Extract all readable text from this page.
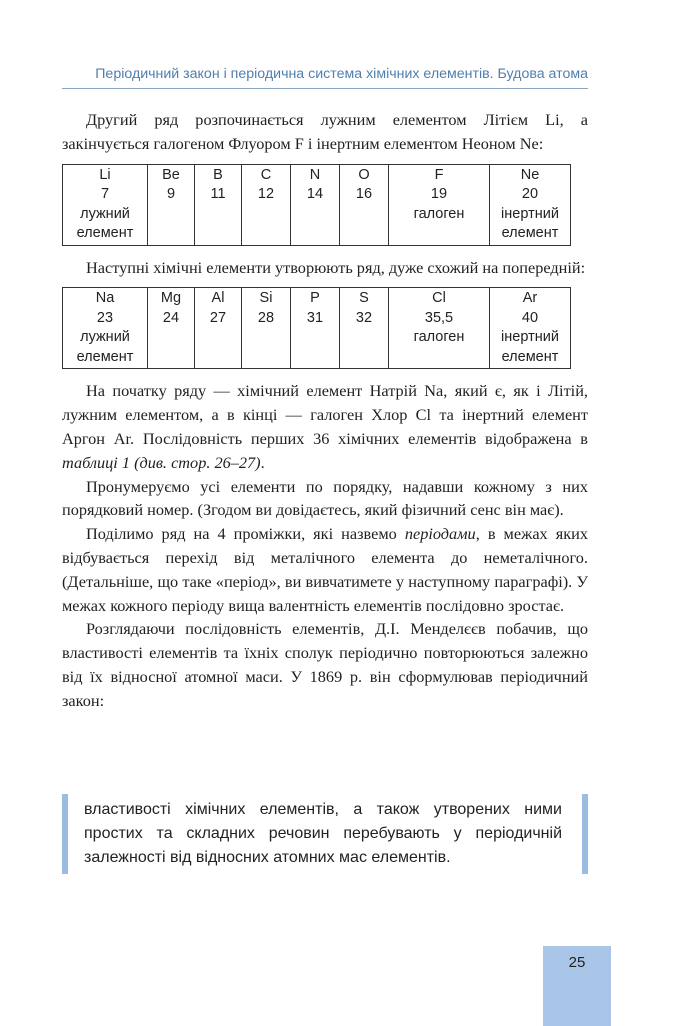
Періодичний закон і періодична система хімічних елементів. Будова атома

Другий ряд розпочинається лужним елементом Літієм Li, а закінчується галогеном Флуором F і інертним елементом Неоном Ne:

Li
7
лужний
елемент

Be
9

B
11

C
12

N
14

O
16

F
19
галоген

Ne
20
інертний
елемент

Наступні хімічні елементи утворюють ряд, дуже схожий на попередній:

Na
23
лужний
елемент

Mg
24

Al
27

Si
28

P
31

S
32

Cl
35,5
галоген

Ar
40
інертний
елемент

На початку ряду — хімічний елемент Натрій Na, який є, як і Літій, лужним елементом, а в кінці — галоген Хлор Cl та інертний елемент Аргон Ar. Послідовність перших 36 хімічних елементів відображена в таблиці 1 (див. стор. 26–27).

Пронумеруємо усі елементи по порядку, надавши кожному з них порядковий номер. (Згодом ви довідаєтесь, який фізичний сенс він має).

Поділимо ряд на 4 проміжки, які назвемо періодами, в межах яких відбувається перехід від металічного елемента до неметалічного. (Детальніше, що таке «період», ви вивчатимете у наступному параграфі). У межах кожного періоду вища валентність елементів послідовно зростає.

Розглядаючи послідовність елементів, Д.І. Менделєєв побачив, що властивості елементів та їхніх сполук періодично повторюються залежно від їх відносної атомної маси. У 1869 р. він сформулював періодичний закон:

властивості хімічних елементів, а також утворених ними простих та складних речовин перебувають у періодичній залежності від відносних атомних мас елементів.
25
